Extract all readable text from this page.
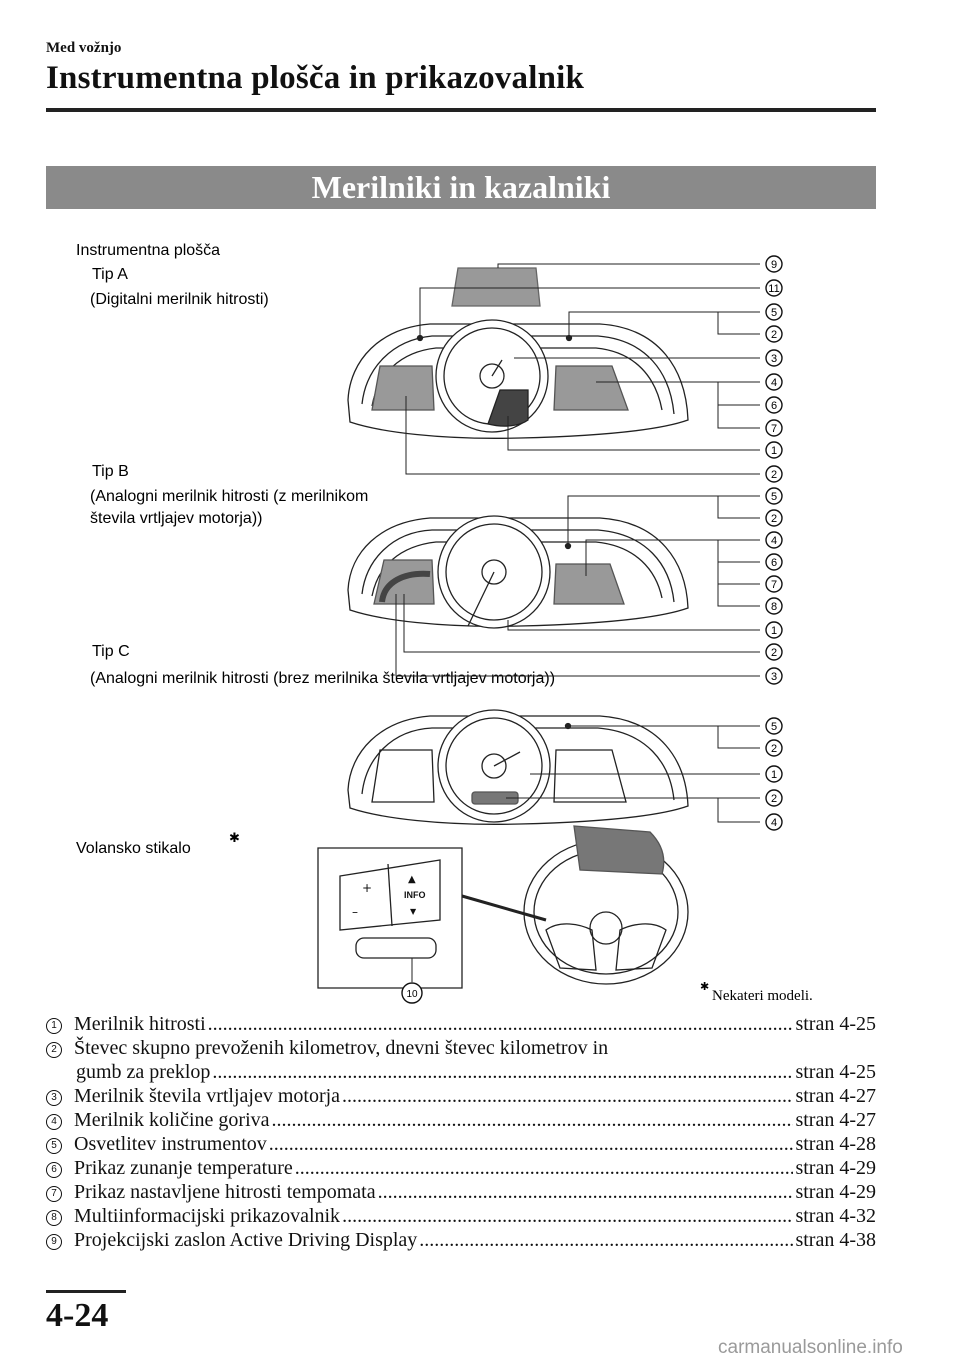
Med vožnjo
Instrumentna plošča in prikazovalnik
Merilniki in kazalniki
Instrumentna plošča
Tip A
(Digitalni merilnik hitrosti)
Tip B
(Analogni merilnik hitrosti (z merilnikom
števila vrtljajev motorja))
Tip C
(Analogni merilnik hitrosti (brez merilnika števila vrtljajev motorja))
Volansko stikalo
✱
INFO
+
–
▲
▼
9
11
5
2
3
4
6
7
1
2
5
2
4
6
7
8
1
2
3
5
2
1
2
4
10
✱
Nekateri modeli.
1 Merilnik hitrosti .....	stran 4-25
2 Števec skupno prevoženih kilometrov, dnevni števec kilometrov in
gumb za preklop .....	stran 4-25
3 Merilnik števila vrtljajev motorja .....	stran 4-27
4 Merilnik količine goriva .....	stran 4-27
5 Osvetlitev instrumentov .....	stran 4-28
6 Prikaz zunanje temperature .....	stran 4-29
7 Prikaz nastavljene hitrosti tempomata .....	stran 4-29
8 Multiinformacijski prikazovalnik .....	stran 4-32
9 Projekcijski zaslon Active Driving Display .....	stran 4-38
4-24
carmanualsonline.info
